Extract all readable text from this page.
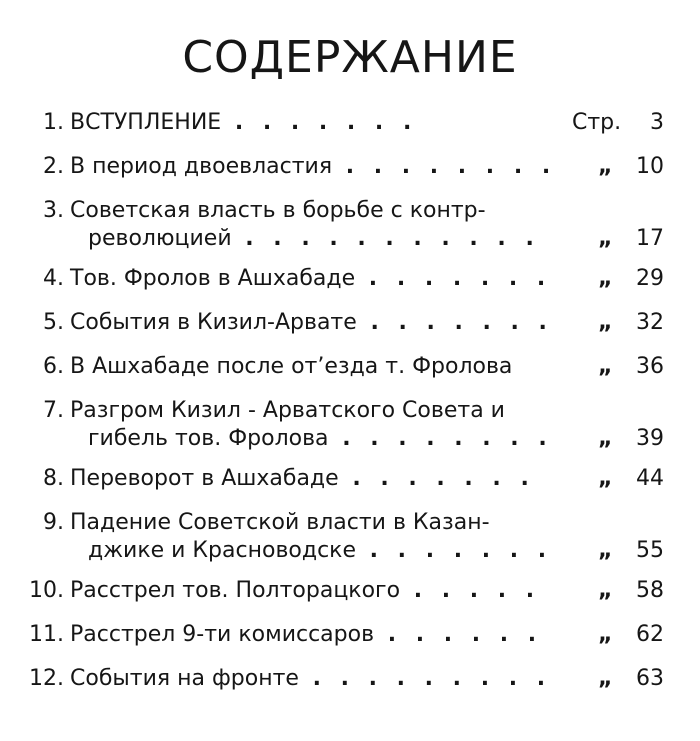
СОДЕРЖАНИЕ
1. ВСТУПЛЕНИЕ . . . . . . .	Стр. 3
2. В период двоевластия . . . . . . . . „ 10
3. Советская власть в борьбе с контр-
революцией . . . . . . . . . . .	„ 17
4. Тов. Фролов в Ашхабаде . . . . . . . „ 29
5. События в Кизил-Арвате . . . . . . . „ 32
6. В Ашхабаде после от’езда т. Фролова	„ 36
7. Разгром Кизил - Арватского Совета и
гибель тов. Фролова . . . . . . . . „ 39
8. Переворот в Ашхабаде . . . . . . .	„ 44
9. Падение Советской власти в Казан-
джике и Красноводске . . . . . . . „ 55
10. Расстрел тов. Полторацкого . . . . .	„ 58
11. Расстрел 9-ти комиссаров . . . . . .	„ 62
12. События на фронте . . . . . . . . . „ 63
